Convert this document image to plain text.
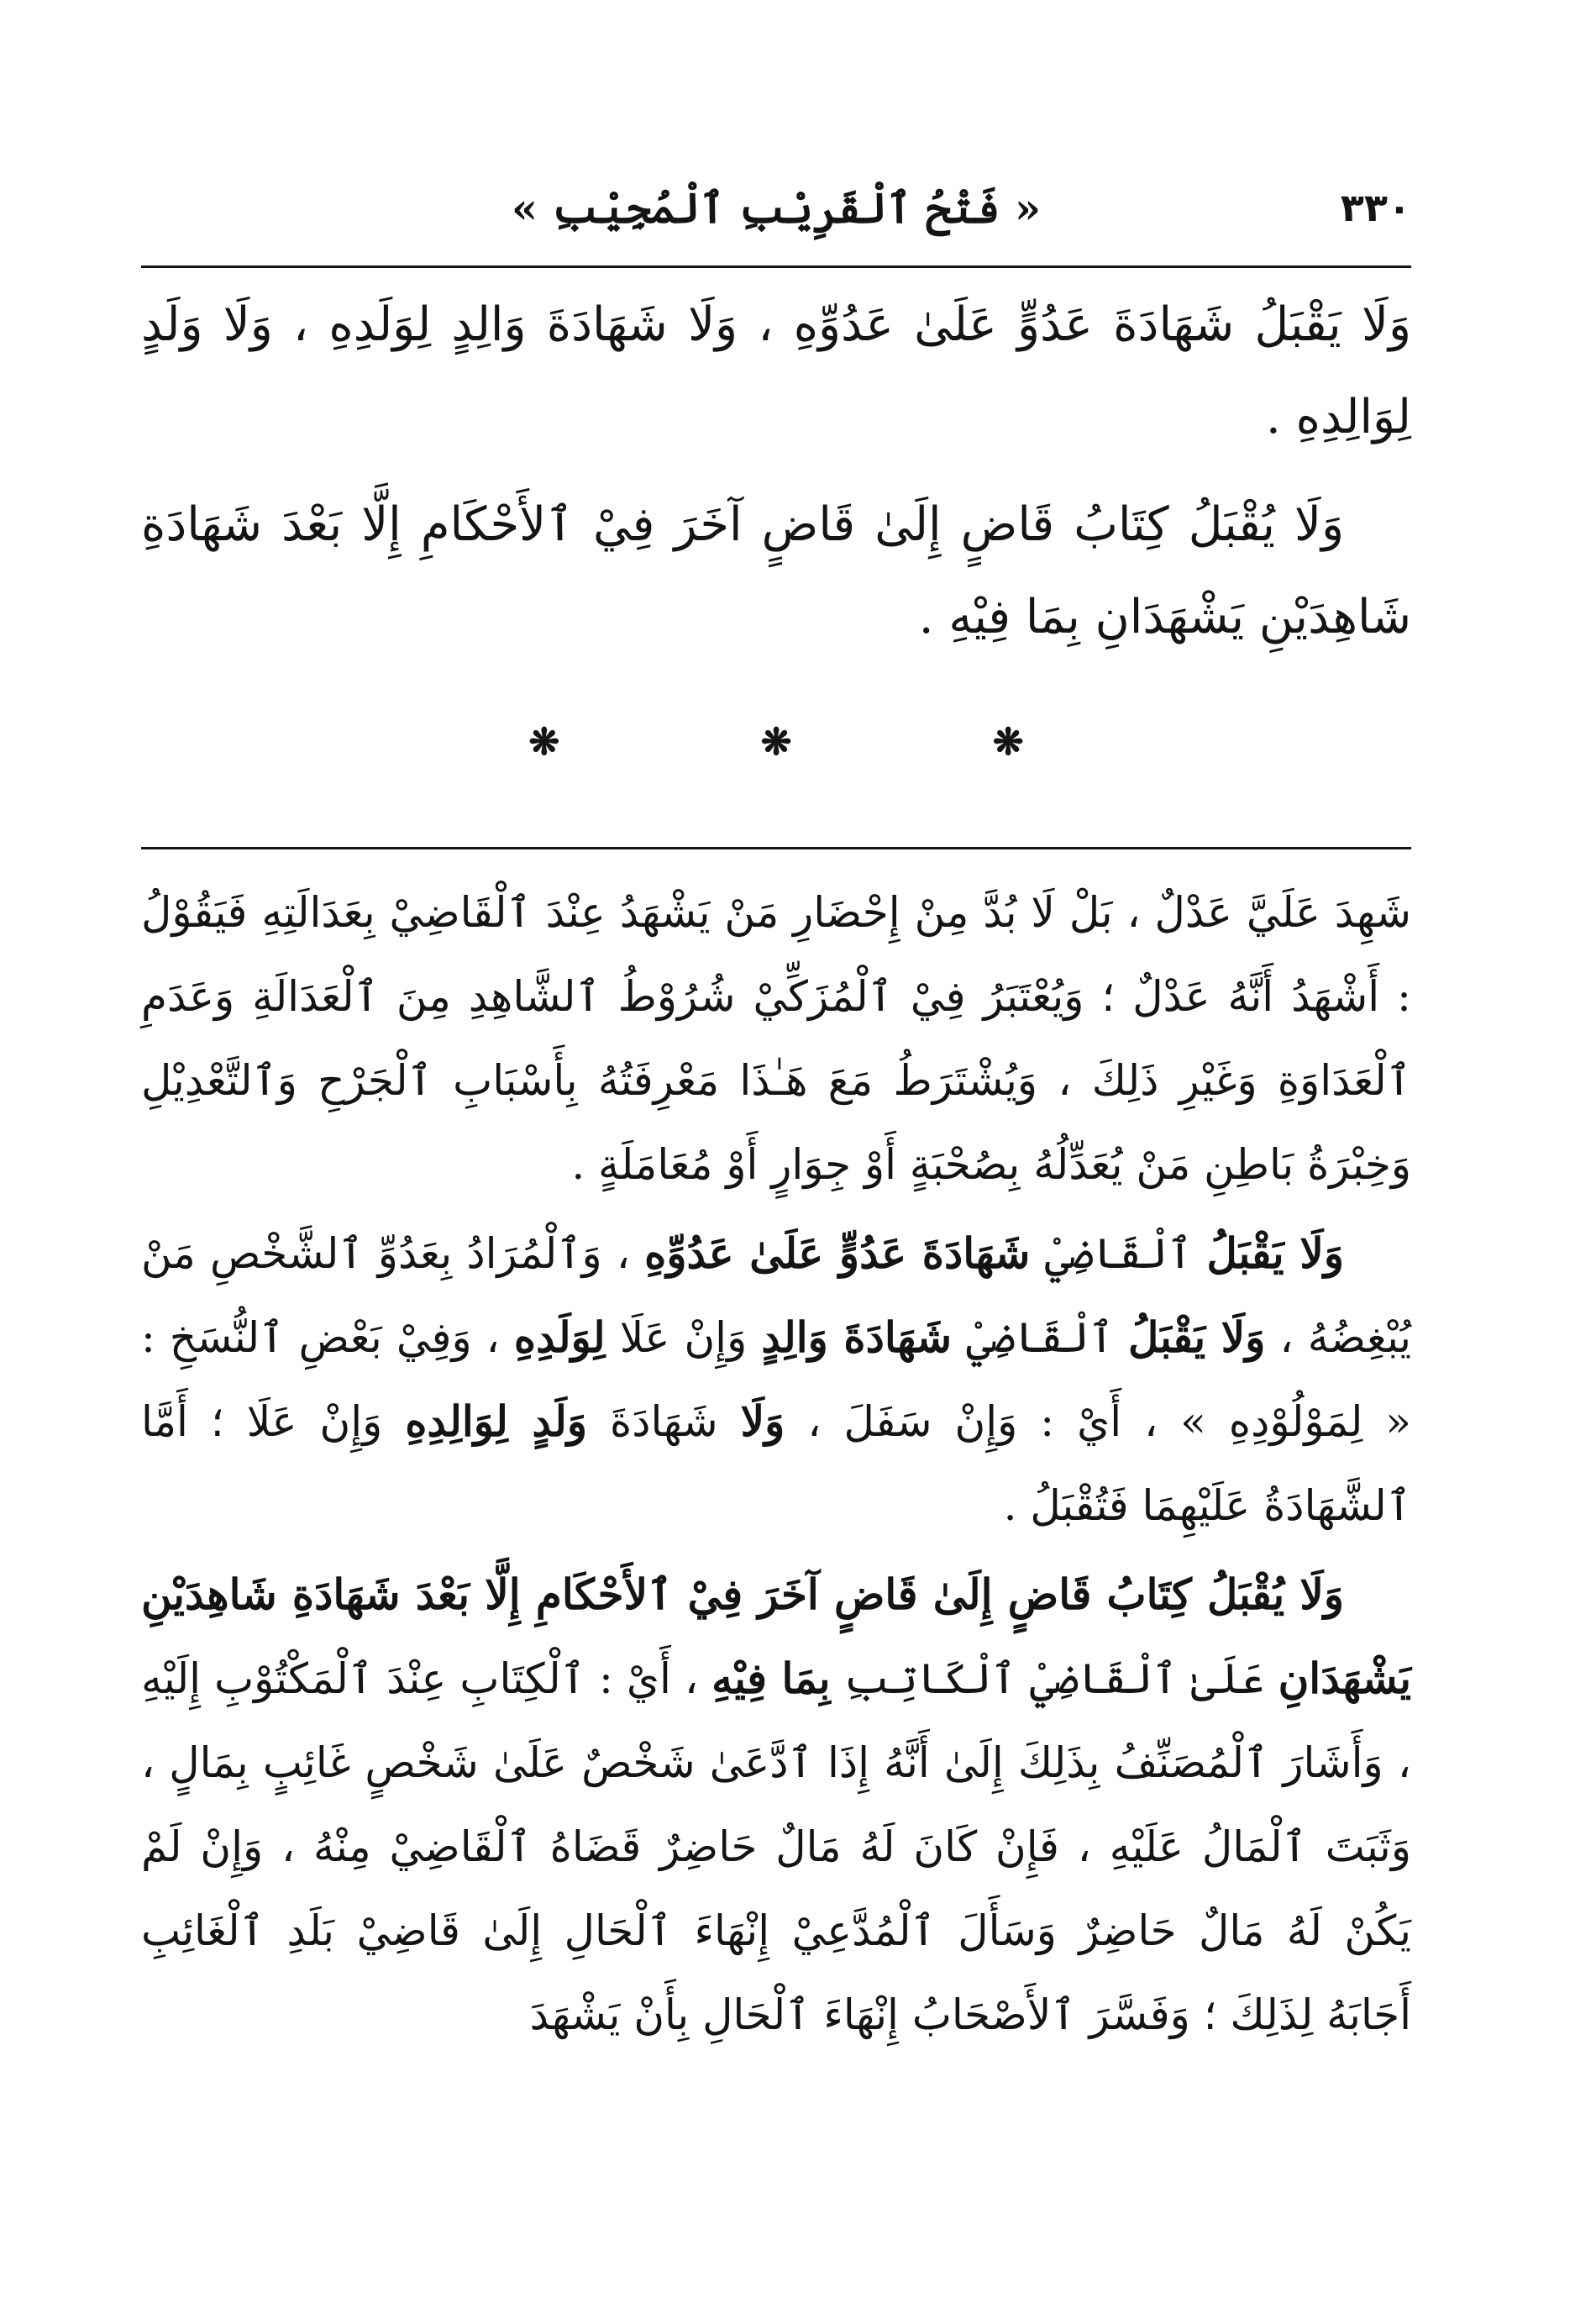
٣٣٠
« فَتْحُ ٱلْقَرِيْبِ ٱلْمُجِيْبِ »

وَلَا يَقْبَلُ شَهَادَةَ عَدُوٍّ عَلَىٰ عَدُوِّهِ ، وَلَا شَهَادَةَ وَالِدٍ لِوَلَدِهِ ، وَلَا وَلَدٍ لِوَالِدِهِ .

وَلَا يُقْبَلُ كِتَابُ قَاضٍ إِلَىٰ قَاضٍ آخَرَ فِيْ ٱلأَحْكَامِ إِلَّا بَعْدَ شَهَادَةِ شَاهِدَيْنِ يَشْهَدَانِ بِمَا فِيْهِ .

❋	❋	❋

شَهِدَ عَلَيَّ عَدْلٌ ، بَلْ لَا بُدَّ مِنْ إِحْضَارِ مَنْ يَشْهَدُ عِنْدَ ٱلْقَاضِيْ بِعَدَالَتِهِ فَيَقُوْلُ : أَشْهَدُ أَنَّهُ عَدْلٌ ؛ وَيُعْتَبَرُ فِيْ ٱلْمُزَكِّيْ شُرُوْطُ ٱلشَّاهِدِ مِنَ ٱلْعَدَالَةِ وَعَدَمِ ٱلْعَدَاوَةِ وَغَيْرِ ذَلِكَ ، وَيُشْتَرَطُ مَعَ هَـٰذَا مَعْرِفَتُهُ بِأَسْبَابِ ٱلْجَرْحِ وَٱلتَّعْدِيْلِ وَخِبْرَةُ بَاطِنِ مَنْ يُعَدِّلُهُ بِصُحْبَةٍ أَوْ جِوَارٍ أَوْ مُعَامَلَةٍ .

وَلَا يَقْبَلُ ٱلْقَاضِيْ شَهَادَةَ عَدُوٍّ عَلَىٰ عَدُوِّهِ ، وَٱلْمُرَادُ بِعَدُوِّ ٱلشَّخْصِ مَنْ يُبْغِضُهُ ، وَلَا يَقْبَلُ ٱلْقَاضِيْ شَهَادَةَ وَالِدٍ وَإِنْ عَلَا لِوَلَدِهِ ، وَفِيْ بَعْضِ ٱلنُّسَخِ : « لِمَوْلُوْدِهِ » ، أَيْ : وَإِنْ سَفَلَ ، وَلَا شَهَادَةَ وَلَدٍ لِوَالِدِهِ وَإِنْ عَلَا ؛ أَمَّا ٱلشَّهَادَةُ عَلَيْهِمَا فَتُقْبَلُ .

وَلَا يُقْبَلُ كِتَابُ قَاضٍ إِلَىٰ قَاضٍ آخَرَ فِيْ ٱلأَحْكَامِ إِلَّا بَعْدَ شَهَادَةِ شَاهِدَيْنِ يَشْهَدَانِ عَلَىٰ ٱلْقَاضِيْ ٱلْكَاتِبِ بِمَا فِيْهِ ، أَيْ : ٱلْكِتَابِ عِنْدَ ٱلْمَكْتُوْبِ إِلَيْهِ ، وَأَشَارَ ٱلْمُصَنِّفُ بِذَلِكَ إِلَىٰ أَنَّهُ إِذَا ٱدَّعَىٰ شَخْصٌ عَلَىٰ شَخْصٍ غَائِبٍ بِمَالٍ ، وَثَبَتَ ٱلْمَالُ عَلَيْهِ ، فَإِنْ كَانَ لَهُ مَالٌ حَاضِرٌ قَضَاهُ ٱلْقَاضِيْ مِنْهُ ، وَإِنْ لَمْ يَكُنْ لَهُ مَالٌ حَاضِرٌ وَسَأَلَ ٱلْمُدَّعِيْ إِنْهَاءَ ٱلْحَالِ إِلَىٰ قَاضِيْ بَلَدِ ٱلْغَائِبِ أَجَابَهُ لِذَلِكَ ؛ وَفَسَّرَ ٱلأَصْحَابُ إِنْهَاءَ ٱلْحَالِ بِأَنْ يَشْهَدَ
